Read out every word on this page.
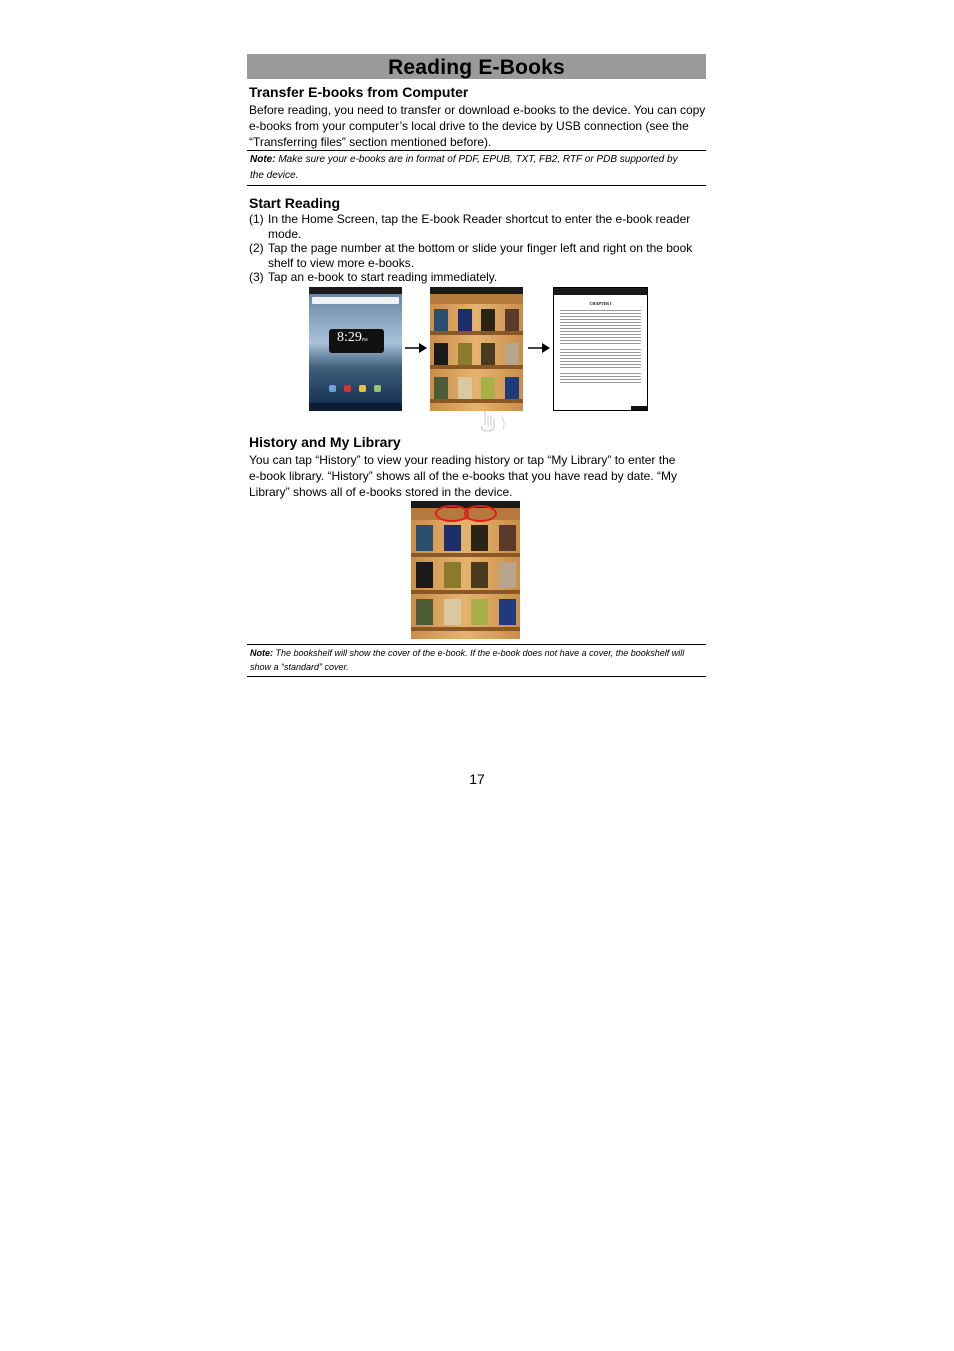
Reading E-Books
Transfer E-books from Computer

Before reading, you need to transfer or download e-books to the device. You can copy

e-books from your computer’s local drive to the device by USB connection (see the

“Transferring files” section mentioned before).

Note: Make sure your e-books are in format of PDF, EPUB, TXT, FB2, RTF or PDB supported by

the device.

Start Reading
(1) In the Home Screen, tap the E-book Reader shortcut to enter the e-book reader
mode.
(2) Tap the page number at the bottom or slide your finger left and right on the book
shelf to view more e-books.
(3) Tap an e-book to start reading immediately.
8:29PM
CHAPTER I
History and My Library

You can tap “History” to view your reading history or tap “My Library” to enter the

e-book library. “History” shows all of the e-books that you have read by date. “My

Library” shows all of e-books stored in the device.

Note: The bookshelf will show the cover of the e-book. If the e-book does not have a cover, the bookshelf will

show a “standard” cover.

17
